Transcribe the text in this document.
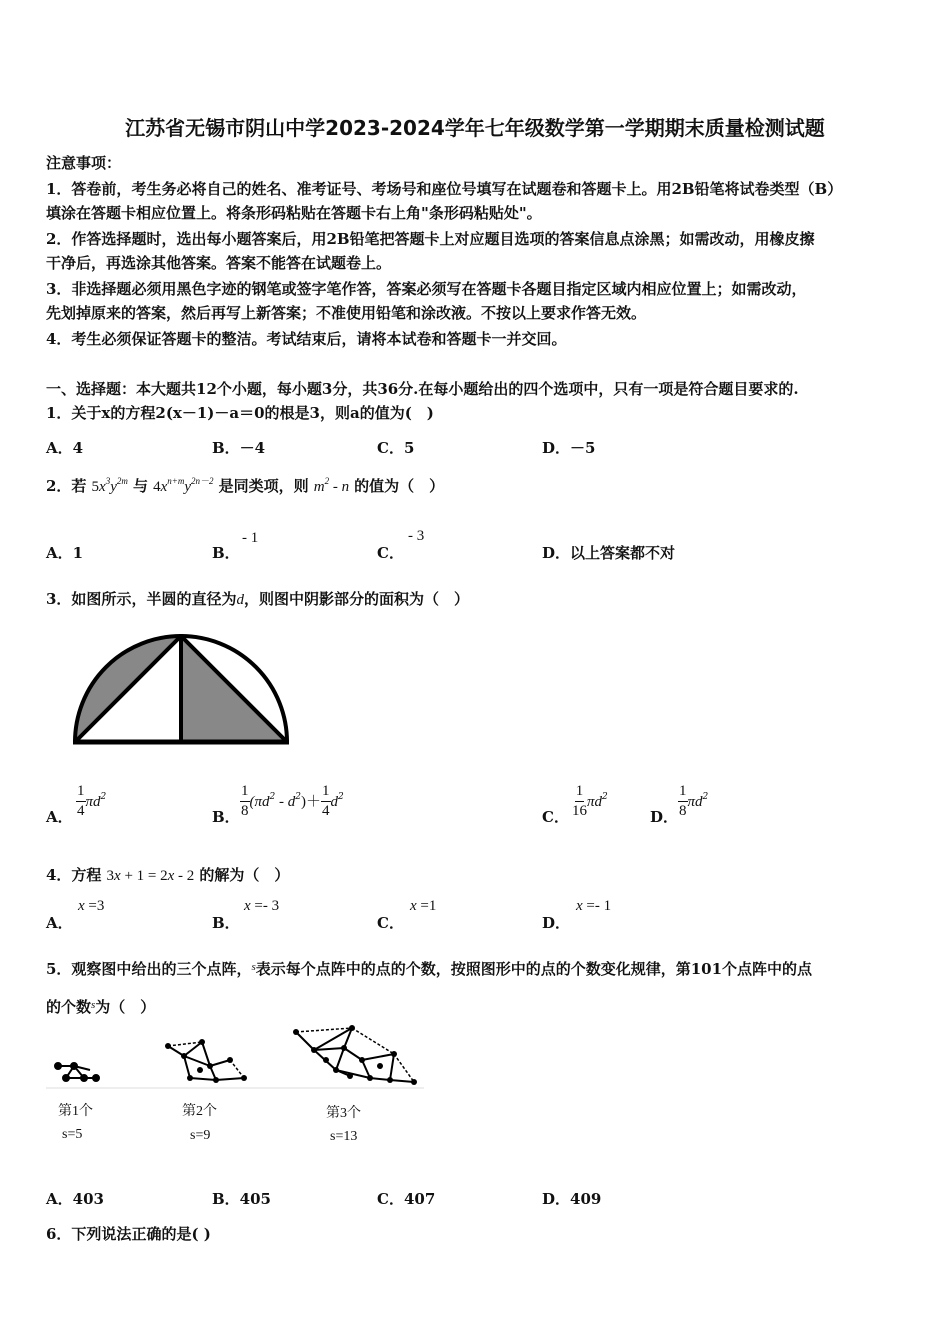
江苏省无锡市阴山中学2023-2024学年七年级数学第一学期期末质量检测试题
注意事项：
1．答卷前，考生务必将自己的姓名、准考证号、考场号和座位号填写在试题卷和答题卡上。用2B铅笔将试卷类型（B）
填涂在答题卡相应位置上。将条形码粘贴在答题卡右上角"条形码粘贴处"。
2．作答选择题时，选出每小题答案后，用2B铅笔把答题卡上对应题目选项的答案信息点涂黑；如需改动，用橡皮擦
干净后，再选涂其他答案。答案不能答在试题卷上。
3．非选择题必须用黑色字迹的钢笔或签字笔作答，答案必须写在答题卡各题目指定区域内相应位置上；如需改动，
先划掉原来的答案，然后再写上新答案；不准使用铅笔和涂改液。不按以上要求作答无效。
4．考生必须保证答题卡的整洁。考试结束后，请将本试卷和答题卡一并交回。
一、选择题：本大题共12个小题，每小题3分，共36分.在每小题给出的四个选项中，只有一项是符合题目要求的.
1．关于x的方程2(x－1)－a＝0的根是3，则a的值为(　)
A．4	B．－4	C．5	D．－5
2．若 $5x^3y^{2m}$ 与 $4x^{n+m}y^{2n-2}$ 是同类项，则 $m^2$ - n 的值为（　）
A．1	B．
- 1
C．
- 3
D．以上答案都不对
3．如图所示，半圆的直径为d，则图中阴影部分的面积为（　）
A． $\frac{1}{4} \pi d^2$
B． $\frac{1}{8} (\pi d^2 - d^2)+ \frac{1}{4} d^2$
C． $\frac{1}{16} \pi d^2$
D． $\frac{1}{8} \pi d^2$
4．方程 3x + 1 = 2x - 2 的解为（　）
A．
x =3
B．
x =- 3
C．
x =1
D．
x =- 1
5．观察图中给出的三个点阵，$^s$表示每个点阵中的点的个数，按照图形中的点的个数变化规律，第101个点阵中的点
的个数$^s$为（　）
第1个
s=5
第2个
s=9
第3个
s=13
A．403	B．405	C．407	D．409
6．下列说法正确的是( )
